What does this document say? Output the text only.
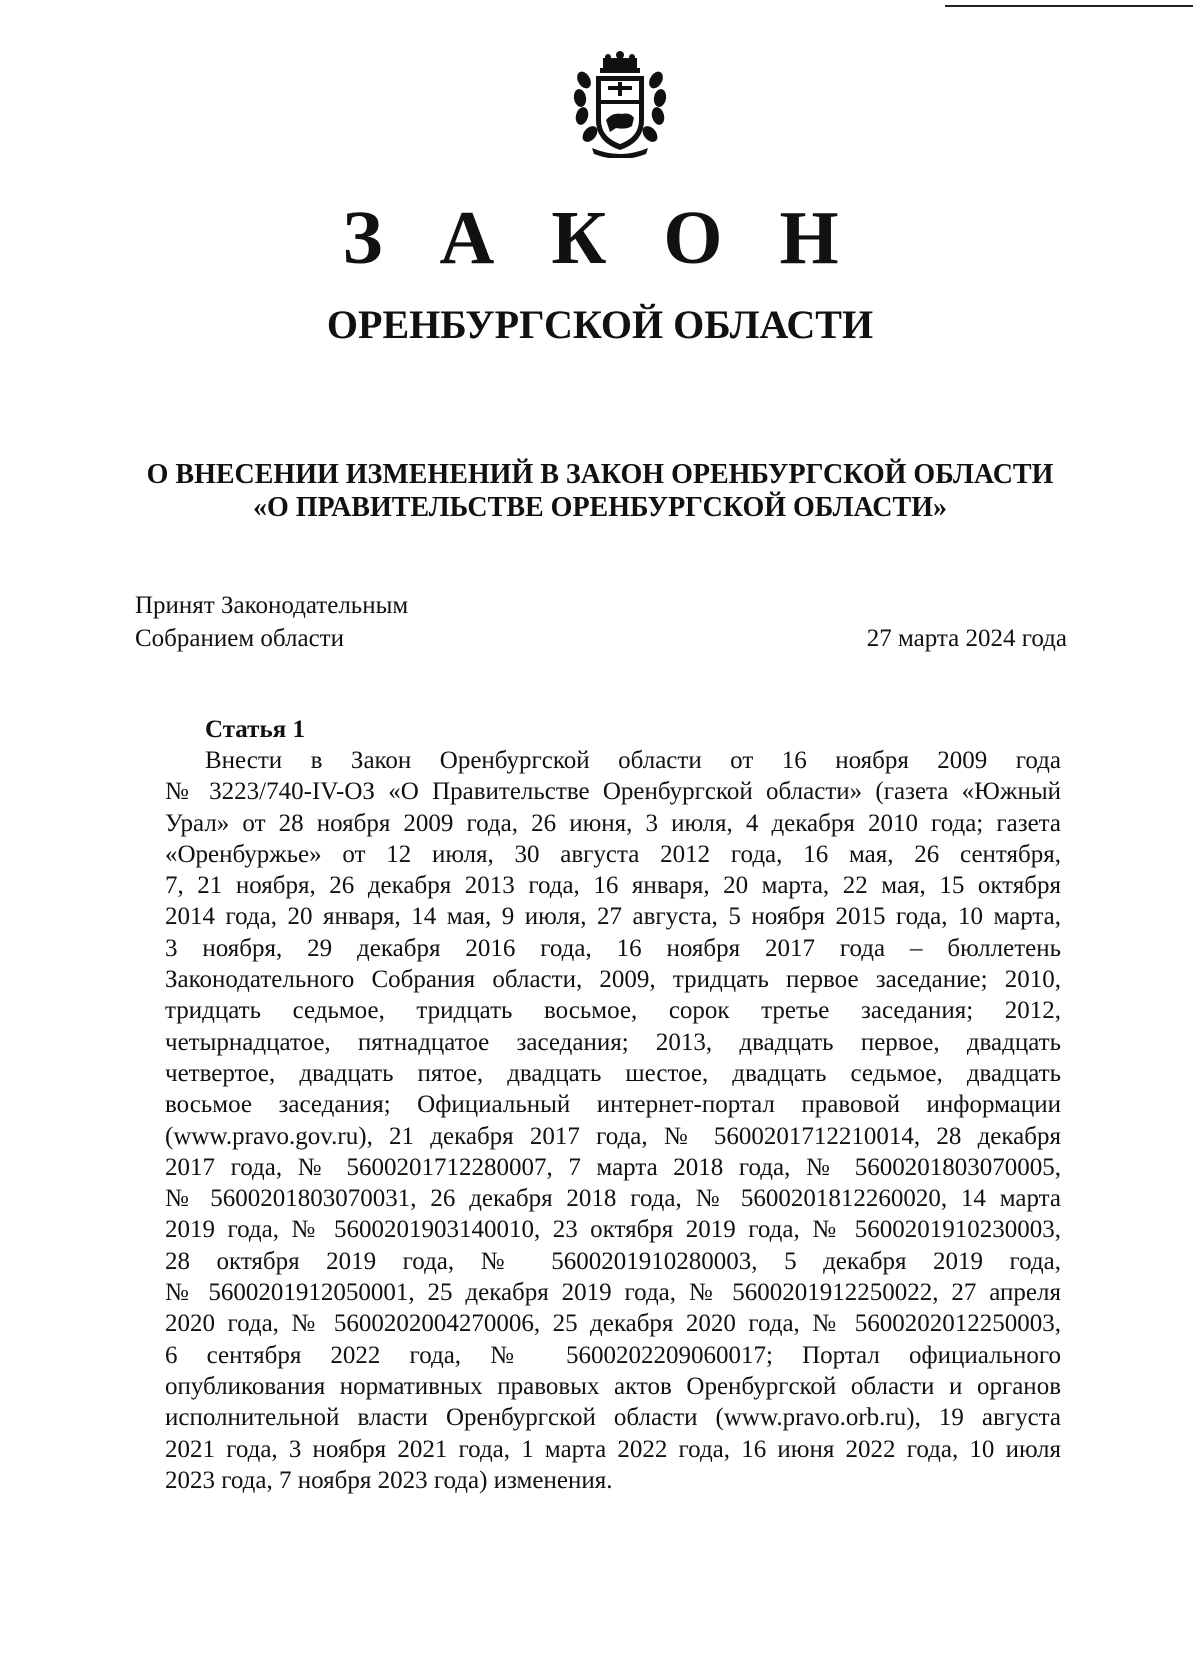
З А К О Н
ОРЕНБУРГСКОЙ ОБЛАСТИ
О ВНЕСЕНИИ ИЗМЕНЕНИЙ В ЗАКОН ОРЕНБУРГСКОЙ ОБЛАСТИ
«О ПРАВИТЕЛЬСТВЕ ОРЕНБУРГСКОЙ ОБЛАСТИ»
Принят Законодательным
Собранием области	27 марта 2024 года
Статья 1
Внести в Закон Оренбургской области от 16 ноября 2009 года
№ 3223/740-IV-ОЗ «О Правительстве Оренбургской области» (газета «Южный
Урал» от 28 ноября 2009 года, 26 июня, 3 июля, 4 декабря 2010 года; газета
«Оренбуржье» от 12 июля, 30 августа 2012 года, 16 мая, 26 сентября,
7, 21 ноября, 26 декабря 2013 года, 16 января, 20 марта, 22 мая, 15 октября
2014 года, 20 января, 14 мая, 9 июля, 27 августа, 5 ноября 2015 года, 10 марта,
3 ноября, 29 декабря 2016 года, 16 ноября 2017 года – бюллетень
Законодательного Собрания области, 2009, тридцать первое заседание; 2010,
тридцать седьмое, тридцать восьмое, сорок третье заседания; 2012,
четырнадцатое, пятнадцатое заседания; 2013, двадцать первое, двадцать
четвертое, двадцать пятое, двадцать шестое, двадцать седьмое, двадцать
восьмое заседания; Официальный интернет-портал правовой информации
(www.pravo.gov.ru), 21 декабря 2017 года, № 5600201712210014, 28 декабря
2017 года, № 5600201712280007, 7 марта 2018 года, № 5600201803070005,
№ 5600201803070031, 26 декабря 2018 года, № 5600201812260020, 14 марта
2019 года, № 5600201903140010, 23 октября 2019 года, № 5600201910230003,
28 октября 2019 года, № 5600201910280003, 5 декабря 2019 года,
№ 5600201912050001, 25 декабря 2019 года, № 5600201912250022, 27 апреля
2020 года, № 5600202004270006, 25 декабря 2020 года, № 5600202012250003,
6 сентября 2022 года, № 5600202209060017; Портал официального
опубликования нормативных правовых актов Оренбургской области и органов
исполнительной власти Оренбургской области (www.pravo.orb.ru), 19 августа
2021 года, 3 ноября 2021 года, 1 марта 2022 года, 16 июня 2022 года, 10 июля
2023 года, 7 ноября 2023 года) изменения.
